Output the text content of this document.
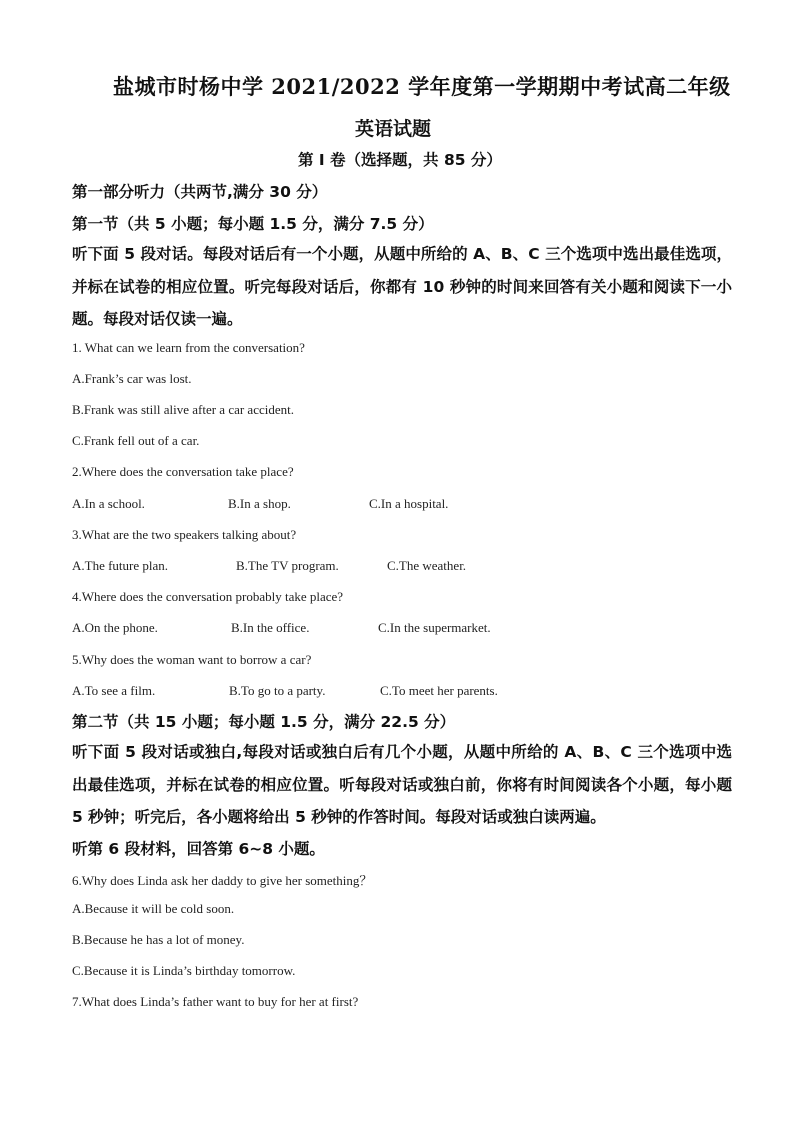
盐城市时杨中学 2021/2022 学年度第一学期期中考试高二年级
英语试题
第 I 卷（选择题，共 85 分）
第一部分听力（共两节,满分 30 分）
第一节（共 5 小题；每小题 1.5 分，满分 7.5 分）
听下面 5 段对话。每段对话后有一个小题，从题中所给的 A、B、C 三个选项中选出最佳选项，并标在试卷的相应位置。听完每段对话后，你都有 10 秒钟的时间来回答有关小题和阅读下一小题。每段对话仅读一遍。
1. What can we learn from the conversation?
A.Frank’s car was lost.
B.Frank was still alive after a car accident.
C.Frank fell out of a car.
2.Where does the conversation take place?
A.In a school.	B.In a shop.	C.In a hospital.
3.What are the two speakers talking about?
A.The future plan.	B.The TV program.	C.The weather.
4.Where does the conversation probably take place?
A.On the phone.	B.In the office.	C.In the supermarket.
5.Why does the woman want to borrow a car?
A.To see a film.	B.To go to a party.	C.To meet her parents.
第二节（共 15 小题；每小题 1.5 分，满分 22.5 分）
听下面 5 段对话或独白,每段对话或独白后有几个小题，从题中所给的 A、B、C 三个选项中选出最佳选项，并标在试卷的相应位置。听每段对话或独白前，你将有时间阅读各个小题，每小题 5 秒钟；听完后，各小题将给出 5 秒钟的作答时间。每段对话或独白读两遍。
听第 6 段材料，回答第 6~8 小题。
6.Why does Linda ask her daddy to give her something？
A.Because it will be cold soon.
B.Because he has a lot of money.
C.Because it is Linda’s birthday tomorrow.
7.What does Linda’s father want to buy for her at first?
